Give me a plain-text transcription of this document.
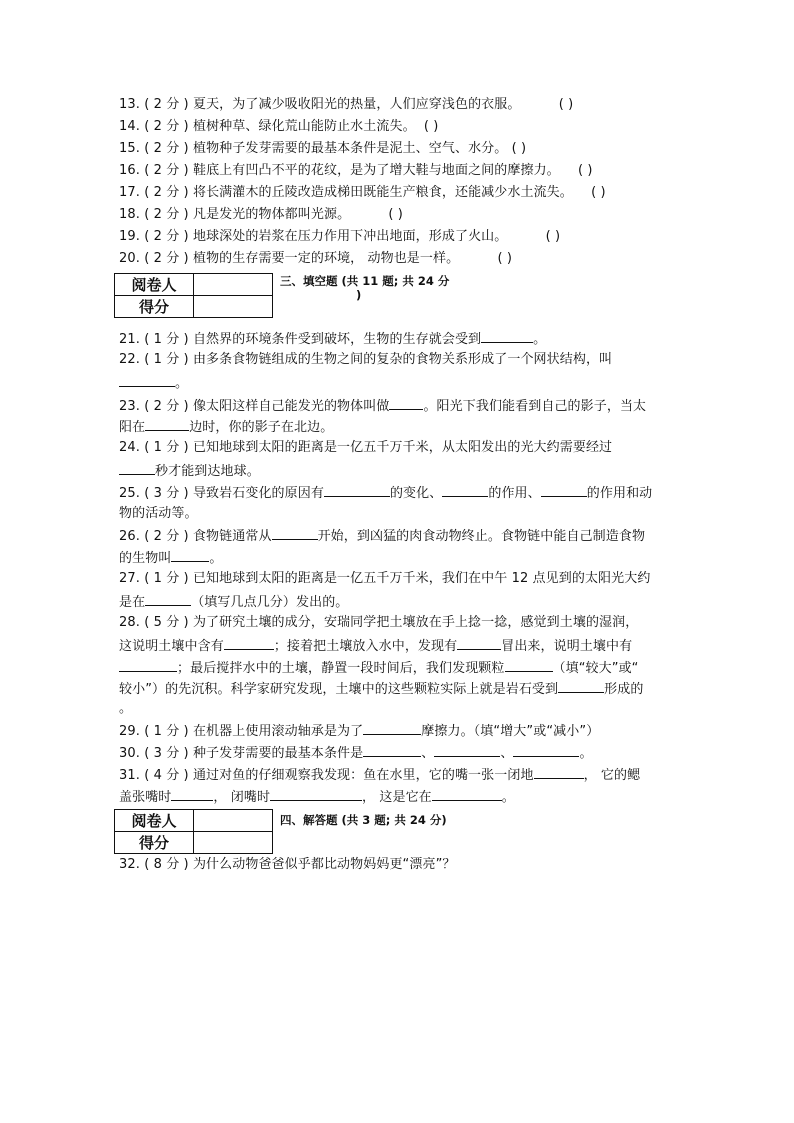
13. ( 2 分 ) 夏天，为了减少吸收阳光的热量，人们应穿浅色的衣服。	( )
14. ( 2 分 ) 植树种草、绿化荒山能防止水土流失。 ( )
15. ( 2 分 ) 植物种子发芽需要的最基本条件是泥土、空气、水分。 ( )
16. ( 2 分 ) 鞋底上有凹凸不平的花纹，是为了增大鞋与地面之间的摩擦力。 ( )
17. ( 2 分 ) 将长满灌木的丘陵改造成梯田既能生产粮食，还能减少水土流失。 ( )
18. ( 2 分 ) 凡是发光的物体都叫光源。	( )
19. ( 2 分 ) 地球深处的岩浆在压力作用下冲出地面，形成了火山。	( )
20. ( 2 分 ) 植物的生存需要一定的环境， 动物也是一样。	( )
阅卷人	
得分	
三、填空题 (共 11 题; 共 24 分
)
21. ( 1 分 ) 自然界的环境条件受到破坏，生物的生存就会受到	。
22. ( 1 分 ) 由多条食物链组成的生物之间的复杂的食物关系形成了一个网状结构，叫
。
23. ( 2 分 ) 像太阳这样自己能发光的物体叫做	。阳光下我们能看到自己的影子，当太
阳在	边时，你的影子在北边。
24. ( 1 分 ) 已知地球到太阳的距离是一亿五千万千米，从太阳发出的光大约需要经过
秒才能到达地球。
25. ( 3 分 ) 导致岩石变化的原因有	的变化、	的作用、	的作用和动
物的活动等。
26. ( 2 分 ) 食物链通常从	开始，到凶猛的肉食动物终止。食物链中能自己制造食物
的生物叫	。
27. ( 1 分 ) 已知地球到太阳的距离是一亿五千万千米，我们在中午 12 点见到的太阳光大约
是在	（填写几点几分）发出的。
28. ( 5 分 ) 为了研究土壤的成分，安瑞同学把土壤放在手上捻一捻，感觉到土壤的湿润，
这说明土壤中含有	；接着把土壤放入水中，发现有	冒出来，说明土壤中有
；最后搅拌水中的土壤，静置一段时间后，我们发现颗粒	（填“较大”或“
较小”）的先沉积。科学家研究发现，土壤中的这些颗粒实际上就是岩石受到	形成的
。
29. ( 1 分 ) 在机器上使用滚动轴承是为了	摩擦力。（填“增大”或“减小”）
30. ( 3 分 ) 种子发芽需要的最基本条件是	、	、	。
31. ( 4 分 ) 通过对鱼的仔细观察我发现：鱼在水里，它的嘴一张一闭地	， 它的鳃
盖张嘴时	， 闭嘴时	， 这是它在	。
阅卷人	
得分	
四、解答题 (共 3 题; 共 24 分)
32. ( 8 分 ) 为什么动物爸爸似乎都比动物妈妈更“漂亮”？
